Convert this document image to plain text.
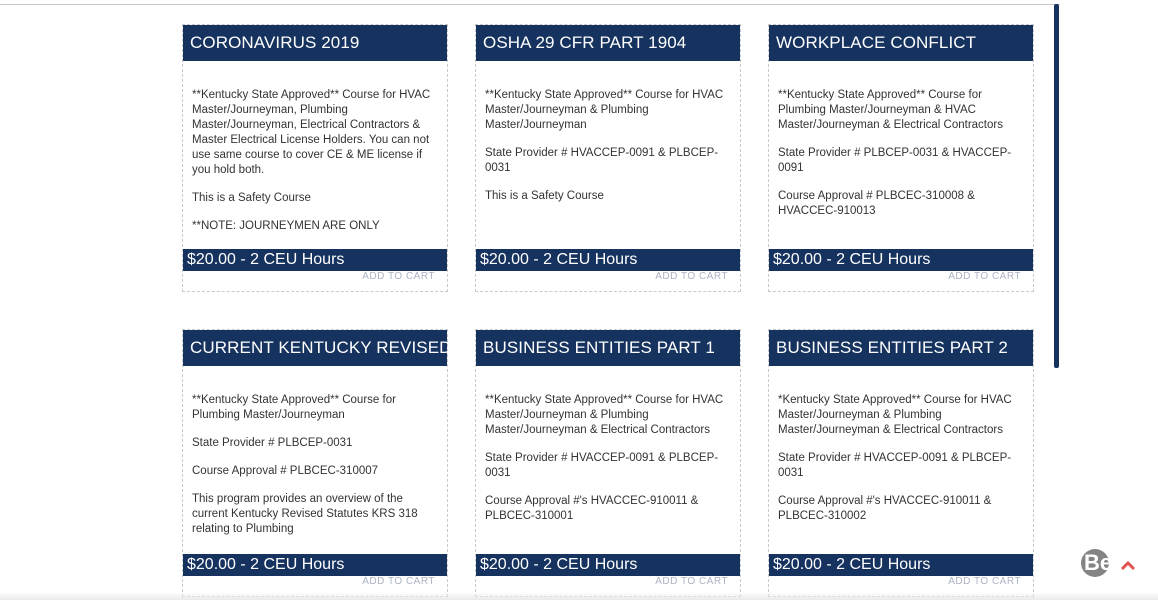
CORONAVIRUS 2019

**Kentucky State Approved** Course for HVAC Master/Journeyman, Plumbing Master/Journeyman, Electrical Contractors & Master Electrical License Holders. You can not use same course to cover CE & ME license if you hold both.

This is a Safety Course

**NOTE: JOURNEYMEN ARE ONLY

$20.00 - 2 CEU Hours
ADD TO CART
OSHA 29 CFR PART 1904

**Kentucky State Approved** Course for HVAC Master/Journeyman & Plumbing Master/Journeyman

State Provider # HVACCEP-0091 & PLBCEP-0031

This is a Safety Course

$20.00 - 2 CEU Hours
ADD TO CART
WORKPLACE CONFLICT

**Kentucky State Approved** Course for Plumbing Master/Journeyman & HVAC Master/Journeyman & Electrical Contractors

State Provider # PLBCEP-0031 & HVACCEP-0091

Course Approval # PLBCEC-310008 & HVACCEC-910013

$20.00 - 2 CEU Hours
ADD TO CART
CURRENT KENTUCKY REVISED

**Kentucky State Approved** Course for Plumbing Master/Journeyman

State Provider # PLBCEP-0031

Course Approval # PLBCEC-310007

This program provides an overview of the current Kentucky Revised Statutes KRS 318 relating to Plumbing

$20.00 - 2 CEU Hours
ADD TO CART
BUSINESS ENTITIES PART 1

**Kentucky State Approved** Course for HVAC Master/Journeyman & Plumbing Master/Journeyman & Electrical Contractors

State Provider # HVACCEP-0091 & PLBCEP-0031

Course Approval #'s HVACCEC-910011 & PLBCEC-310001

$20.00 - 2 CEU Hours
ADD TO CART
BUSINESS ENTITIES PART 2

*Kentucky State Approved** Course for HVAC Master/Journeyman & Plumbing Master/Journeyman & Electrical Contractors

State Provider # HVACCEP-0091 & PLBCEP-0031

Course Approval #'s HVACCEC-910011 & PLBCEC-310002

$20.00 - 2 CEU Hours
ADD TO CART
Be
